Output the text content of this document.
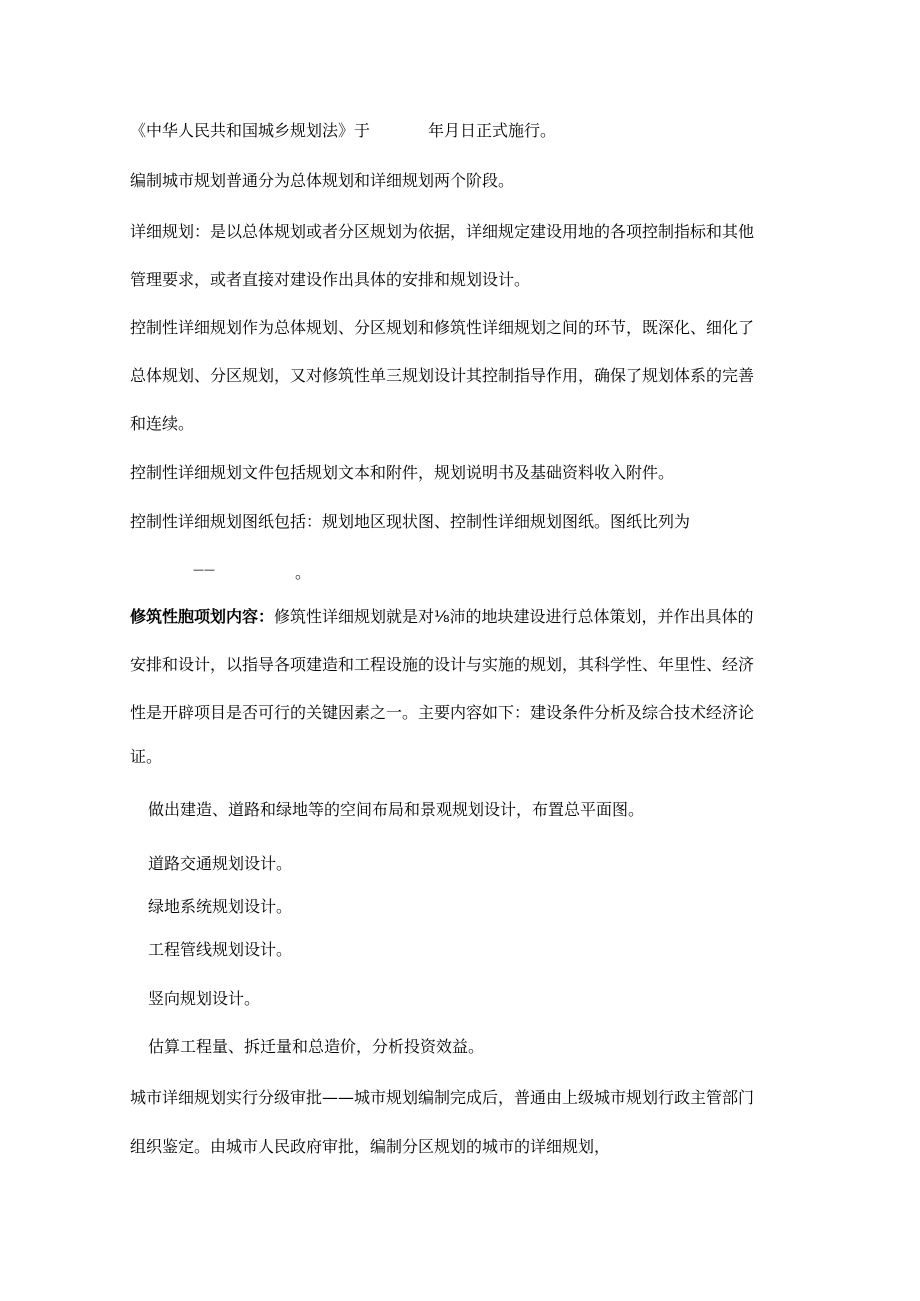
《中华人民共和国城乡规划法》于	年月日正式施行。

编制城市规划普通分为总体规划和详细规划两个阶段。

详细规划：是以总体规划或者分区规划为依据，详细规定建设用地的各项控制指标和其他

管理要求，或者直接对建设作出具体的安排和规划设计。

控制性详细规划作为总体规划、分区规划和修筑性详细规划之间的环节，既深化、细化了

总体规划、分区规划，又对修筑性单三规划设计其控制指导作用，确保了规划体系的完善

和连续。

控制性详细规划文件包括规划文本和附件，规划说明书及基础资料收入附件。

控制性详细规划图纸包括：规划地区现状图、控制性详细规划图纸。图纸比列为

——	。

修筑性胞项划内容：修筑性详细规划就是对⅛沛的地块建设进行总体策划，并作出具体的

安排和设计，以指导各项建造和工程设施的设计与实施的规划，其科学性、年里性、经济

性是开辟项目是否可行的关键因素之一。主要内容如下：建设条件分析及综合技术经济论

证。

做出建造、道路和绿地等的空间布局和景观规划设计，布置总平面图。

道路交通规划设计。

绿地系统规划设计。

工程管线规划设计。

竖向规划设计。

估算工程量、拆迁量和总造价，分析投资效益。

城市详细规划实行分级审批——城市规划编制完成后，普通由上级城市规划行政主管部门

组织鉴定。由城市人民政府审批，编制分区规划的城市的详细规划，
